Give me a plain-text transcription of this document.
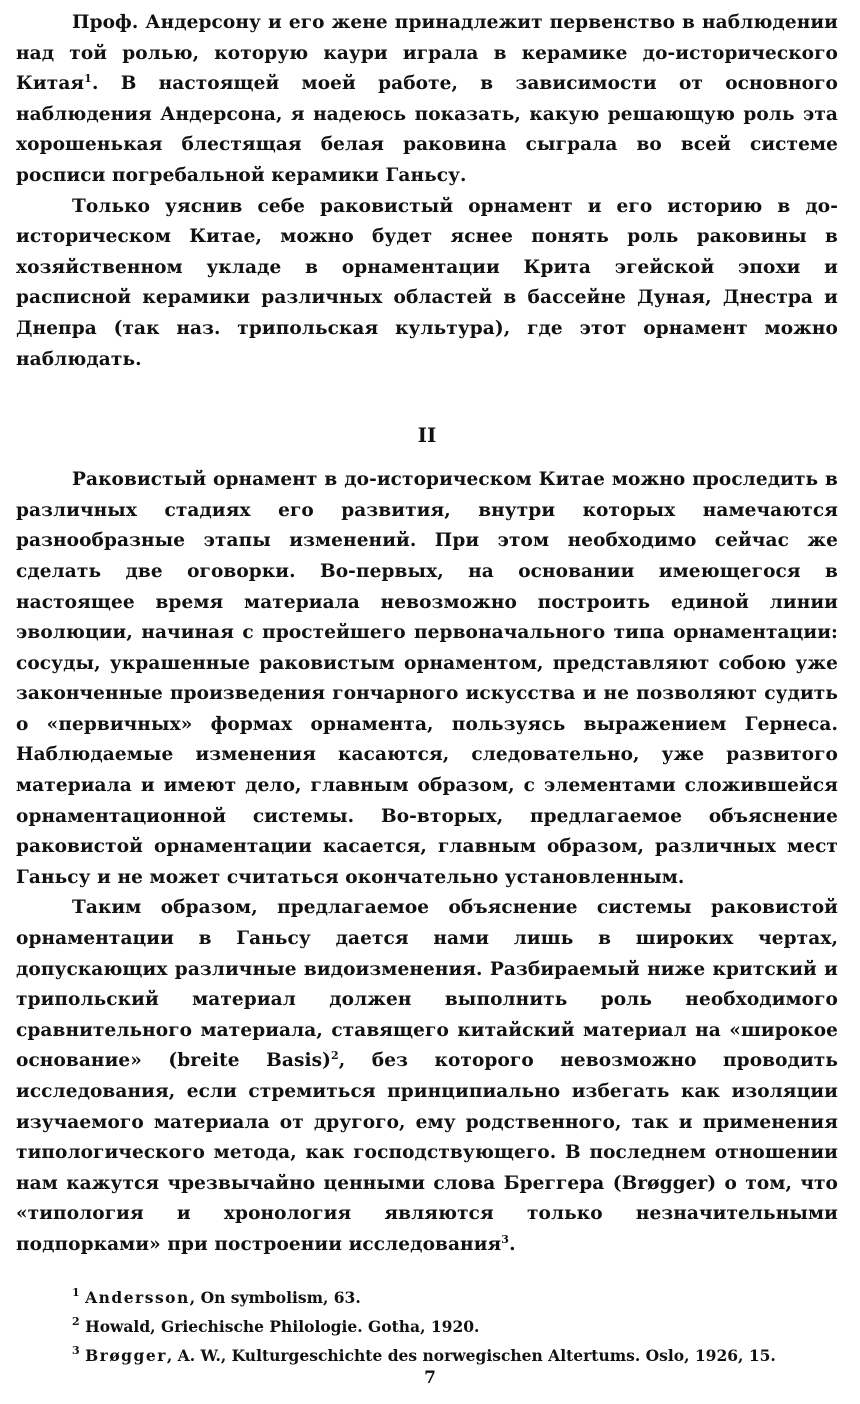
Проф. Андерсону и его жене принадлежит первенство в наблюдении над той ролью, которую каури играла в керамике до-исторического Китая$^1$. В настоящей моей работе, в зависимости от основного наблюдения Андерсона, я надеюсь показать, какую решающую роль эта хорошенькая блестящая белая раковина сыграла во всей системе росписи погребальной керамики Ганьсу.

Только уяснив себе раковистый орнамент и его историю в до-историческом Китае, можно будет яснее понять роль раковины в хозяйственном укладе в орнаментации Крита эгейской эпохи и расписной керамики различных областей в бассейне Дуная, Днестра и Днепра (так наз. трипольская культура), где этот орнамент можно наблюдать.

II

Раковистый орнамент в до-историческом Китае можно проследить в различных стадиях его развития, внутри которых намечаются разнообразные этапы изменений. При этом необходимо сейчас же сделать две оговорки. Во-первых, на основании имеющегося в настоящее время материала невозможно построить единой линии эволюции, начиная с простейшего первоначального типа орнаментации: сосуды, украшенные раковистым орнаментом, представляют собою уже законченные произведения гончарного искусства и не позволяют судить о «первичных» формах орнамента, пользуясь выражением Гернеса. Наблюдаемые изменения касаются, следовательно, уже развитого материала и имеют дело, главным образом, с элементами сложившейся орнаментационной системы. Во-вторых, предлагаемое объяснение раковистой орнаментации касается, главным образом, различных мест Ганьсу и не может считаться окончательно установленным.

Таким образом, предлагаемое объяснение системы раковистой орнаментации в Ганьсу дается нами лишь в широких чертах, допускающих различные видоизменения. Разбираемый ниже критский и трипольский материал должен выполнить роль необходимого сравнительного материала, ставящего китайский материал на «широкое основание» (breite Basis)$^2$, без которого невозможно проводить исследования, если стремиться принципиально избегать как изоляции изучаемого материала от другого, ему родственного, так и применения типологического метода, как господствующего. В последнем отношении нам кажутся чрезвычайно ценными слова Бреггера (Brøgger) о том, что «типология и хронология являются только незначительными подпорками» при построении исследования$^3$.

$^1$ Andersson, On symbolism, 63.

$^2$ Howald, Griechische Philologie. Gotha, 1920.

$^3$ Brøgger, A. W., Kulturgeschichte des norwegischen Altertums. Oslo, 1926, 15.

7
